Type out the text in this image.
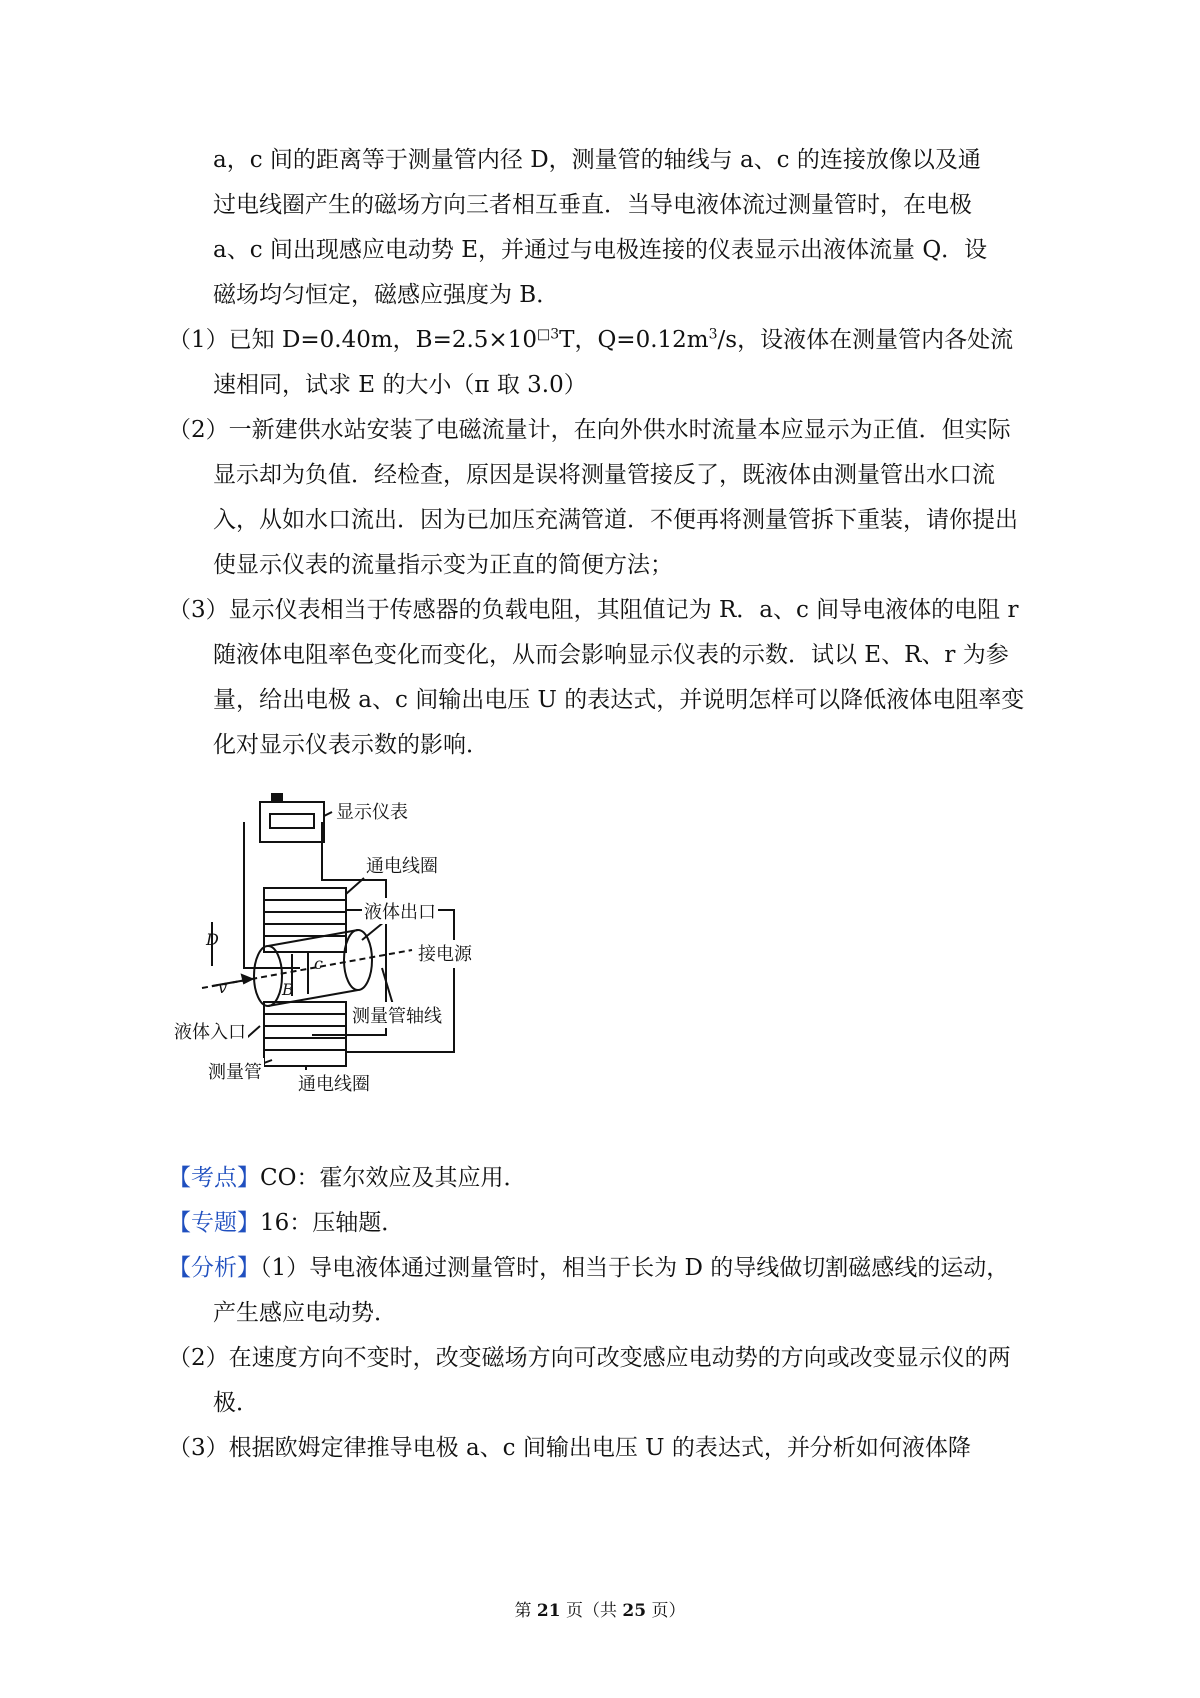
a，c 间的距离等于测量管内径 D，测量管的轴线与 a、c 的连接放像以及通

过电线圈产生的磁场方向三者相互垂直．当导电液体流过测量管时，在电极

a、c 间出现感应电动势 E，并通过与电极连接的仪表显示出液体流量 Q．设

磁场均匀恒定，磁感应强度为 B．

（1）已知 D=0.40m，$B=2.5\times 10^{□3}T$，$Q=0.12m^3/s$，设液体在测量管内各处流速相同，试求 E 的大小（π 取 3.0）

（2）一新建供水站安装了电磁流量计，在向外供水时流量本应显示为正值．但实际显示却为负值．经检查，原因是误将测量管接反了，既液体由测量管出水口流入，从如水口流出．因为已加压充满管道．不便再将测量管拆下重装，请你提出使显示仪表的流量指示变为正直的简便方法；

（3）显示仪表相当于传感器的负载电阻，其阻值记为 R．a、c 间导电液体的电阻 r 随液体电阻率色变化而变化，从而会影响显示仪表的示数．试以 E、R、r 为参量，给出电极 a、c 间输出电压 U 的表达式，并说明怎样可以降低液体电阻率变化对显示仪表示数的影响．

显示仪表
通电线圈
液体出口
接电源
测量管轴线
液体入口
测量管
通电线圈
D
v	B
c

【考点】CO：霍尔效应及其应用．

【专题】16：压轴题．

【分析】（1）导电液体通过测量管时，相当于长为 D 的导线做切割磁感线的运动，产生感应电动势．

（2）在速度方向不变时，改变磁场方向可改变感应电动势的方向或改变显示仪的两极．

（3）根据欧姆定律推导电极 a、c 间输出电压 U 的表达式，并分析如何液体降

第 21 页（共 25 页）
